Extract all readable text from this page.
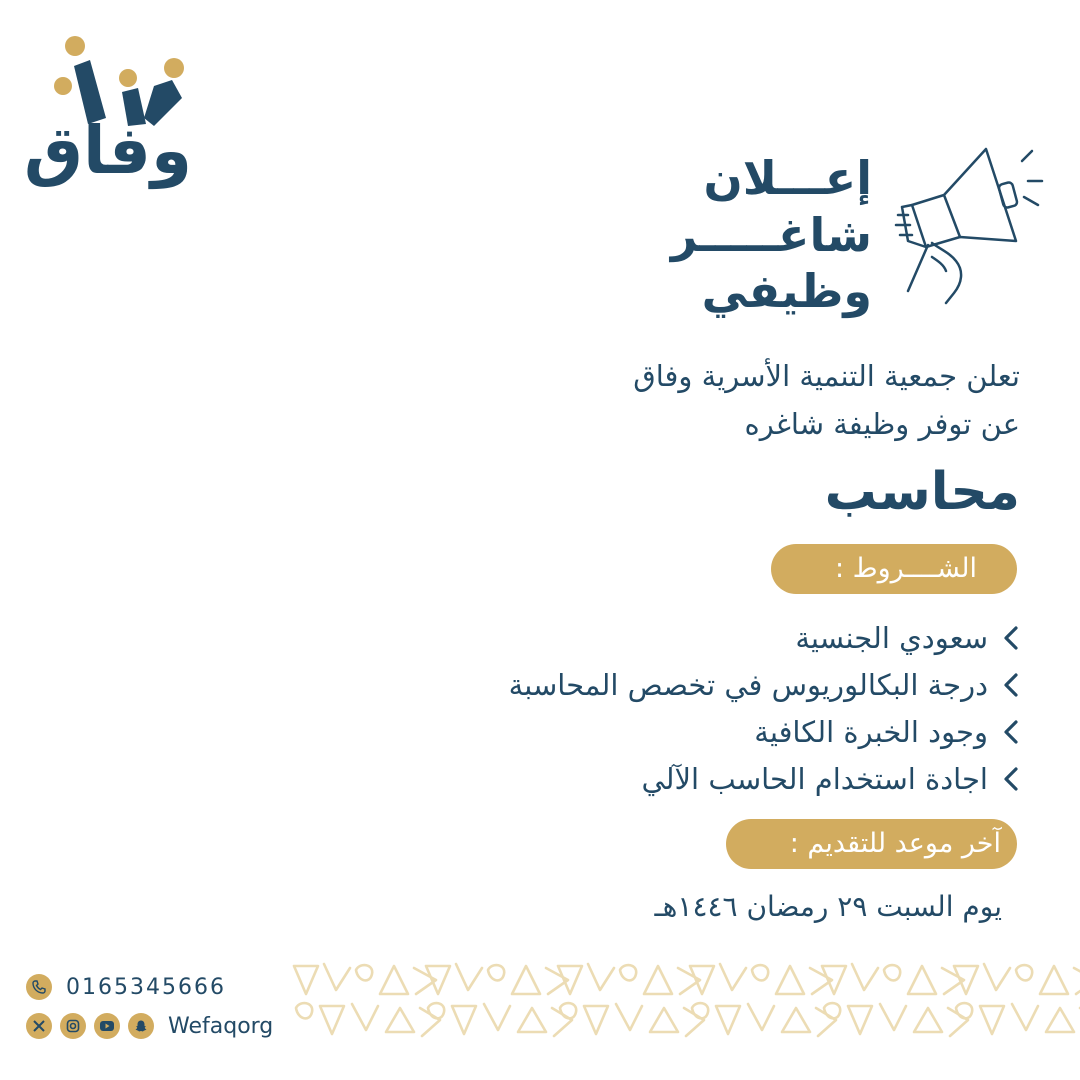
وفاق	إعـــلان
شاغـــــر
وظيفي
تعلن جمعية التنمية الأسرية وفاق
عن توفر وظيفة شاغره
محاسب
الشــــروط :
سعودي الجنسية
درجة البكالوريوس في تخصص المحاسبة
وجود الخبرة الكافية
اجادة استخدام الحاسب الآلي
آخر موعد للتقديم :
يوم السبت ٢٩ رمضان ١٤٤٦هـ
0165345666
Wefaqorg
